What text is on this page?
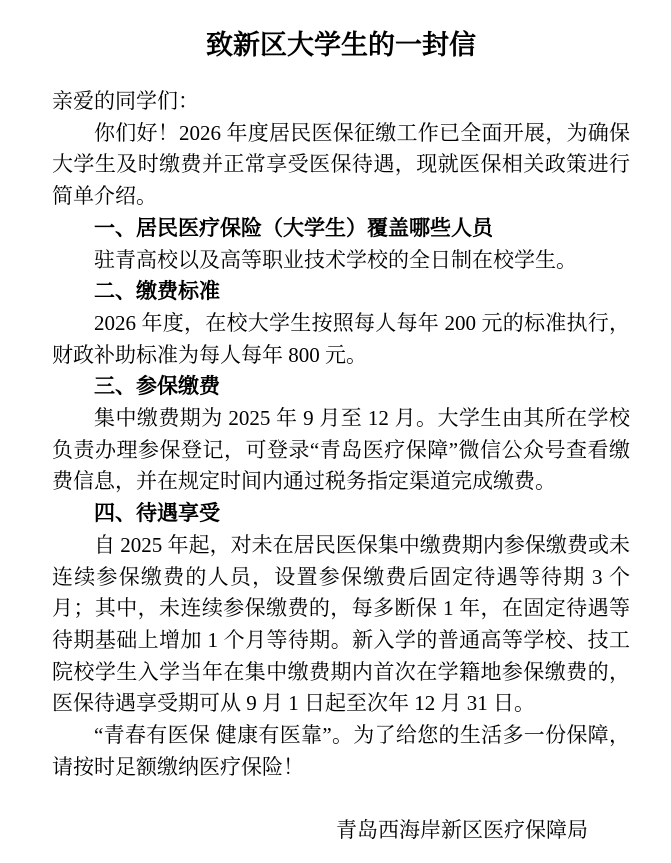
致新区大学生的一封信

亲爱的同学们：

你们好！2026 年度居民医保征缴工作已全面开展，为确保大学生及时缴费并正常享受医保待遇，现就医保相关政策进行简单介绍。

一、居民医疗保险（大学生）覆盖哪些人员

驻青高校以及高等职业技术学校的全日制在校学生。

二、缴费标准

2026 年度，在校大学生按照每人每年 200 元的标准执行，财政补助标准为每人每年 800 元。

三、参保缴费

集中缴费期为 2025 年 9 月至 12 月。大学生由其所在学校负责办理参保登记，可登录“青岛医疗保障”微信公众号查看缴费信息，并在规定时间内通过税务指定渠道完成缴费。

四、待遇享受

自 2025 年起，对未在居民医保集中缴费期内参保缴费或未连续参保缴费的人员，设置参保缴费后固定待遇等待期 3 个月；其中，未连续参保缴费的，每多断保 1 年，在固定待遇等待期基础上增加 1 个月等待期。新入学的普通高等学校、技工院校学生入学当年在集中缴费期内首次在学籍地参保缴费的，医保待遇享受期可从 9 月 1 日起至次年 12 月 31 日。

“青春有医保 健康有医靠”。为了给您的生活多一份保障，请按时足额缴纳医疗保险！

青岛西海岸新区医疗保障局
